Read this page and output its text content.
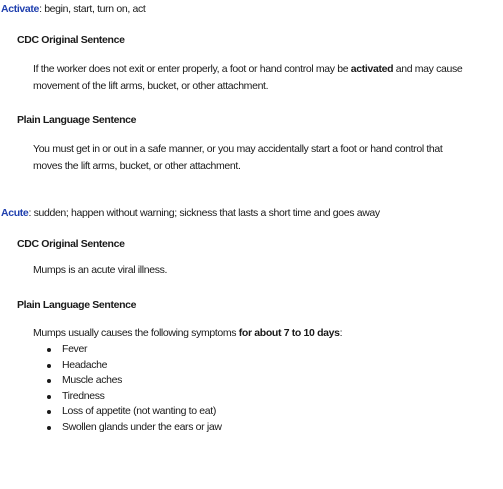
Activate: begin, start, turn on, act
CDC Original Sentence
If the worker does not exit or enter properly, a foot or hand control may be activated and may cause movement of the lift arms, bucket, or other attachment.
Plain Language Sentence
You must get in or out in a safe manner, or you may accidentally start a foot or hand control that moves the lift arms, bucket, or other attachment.
Acute: sudden; happen without warning; sickness that lasts a short time and goes away
CDC Original Sentence
Mumps is an acute viral illness.
Plain Language Sentence
Mumps usually causes the following symptoms for about 7 to 10 days:
Fever
Headache
Muscle aches
Tiredness
Loss of appetite (not wanting to eat)
Swollen glands under the ears or jaw
